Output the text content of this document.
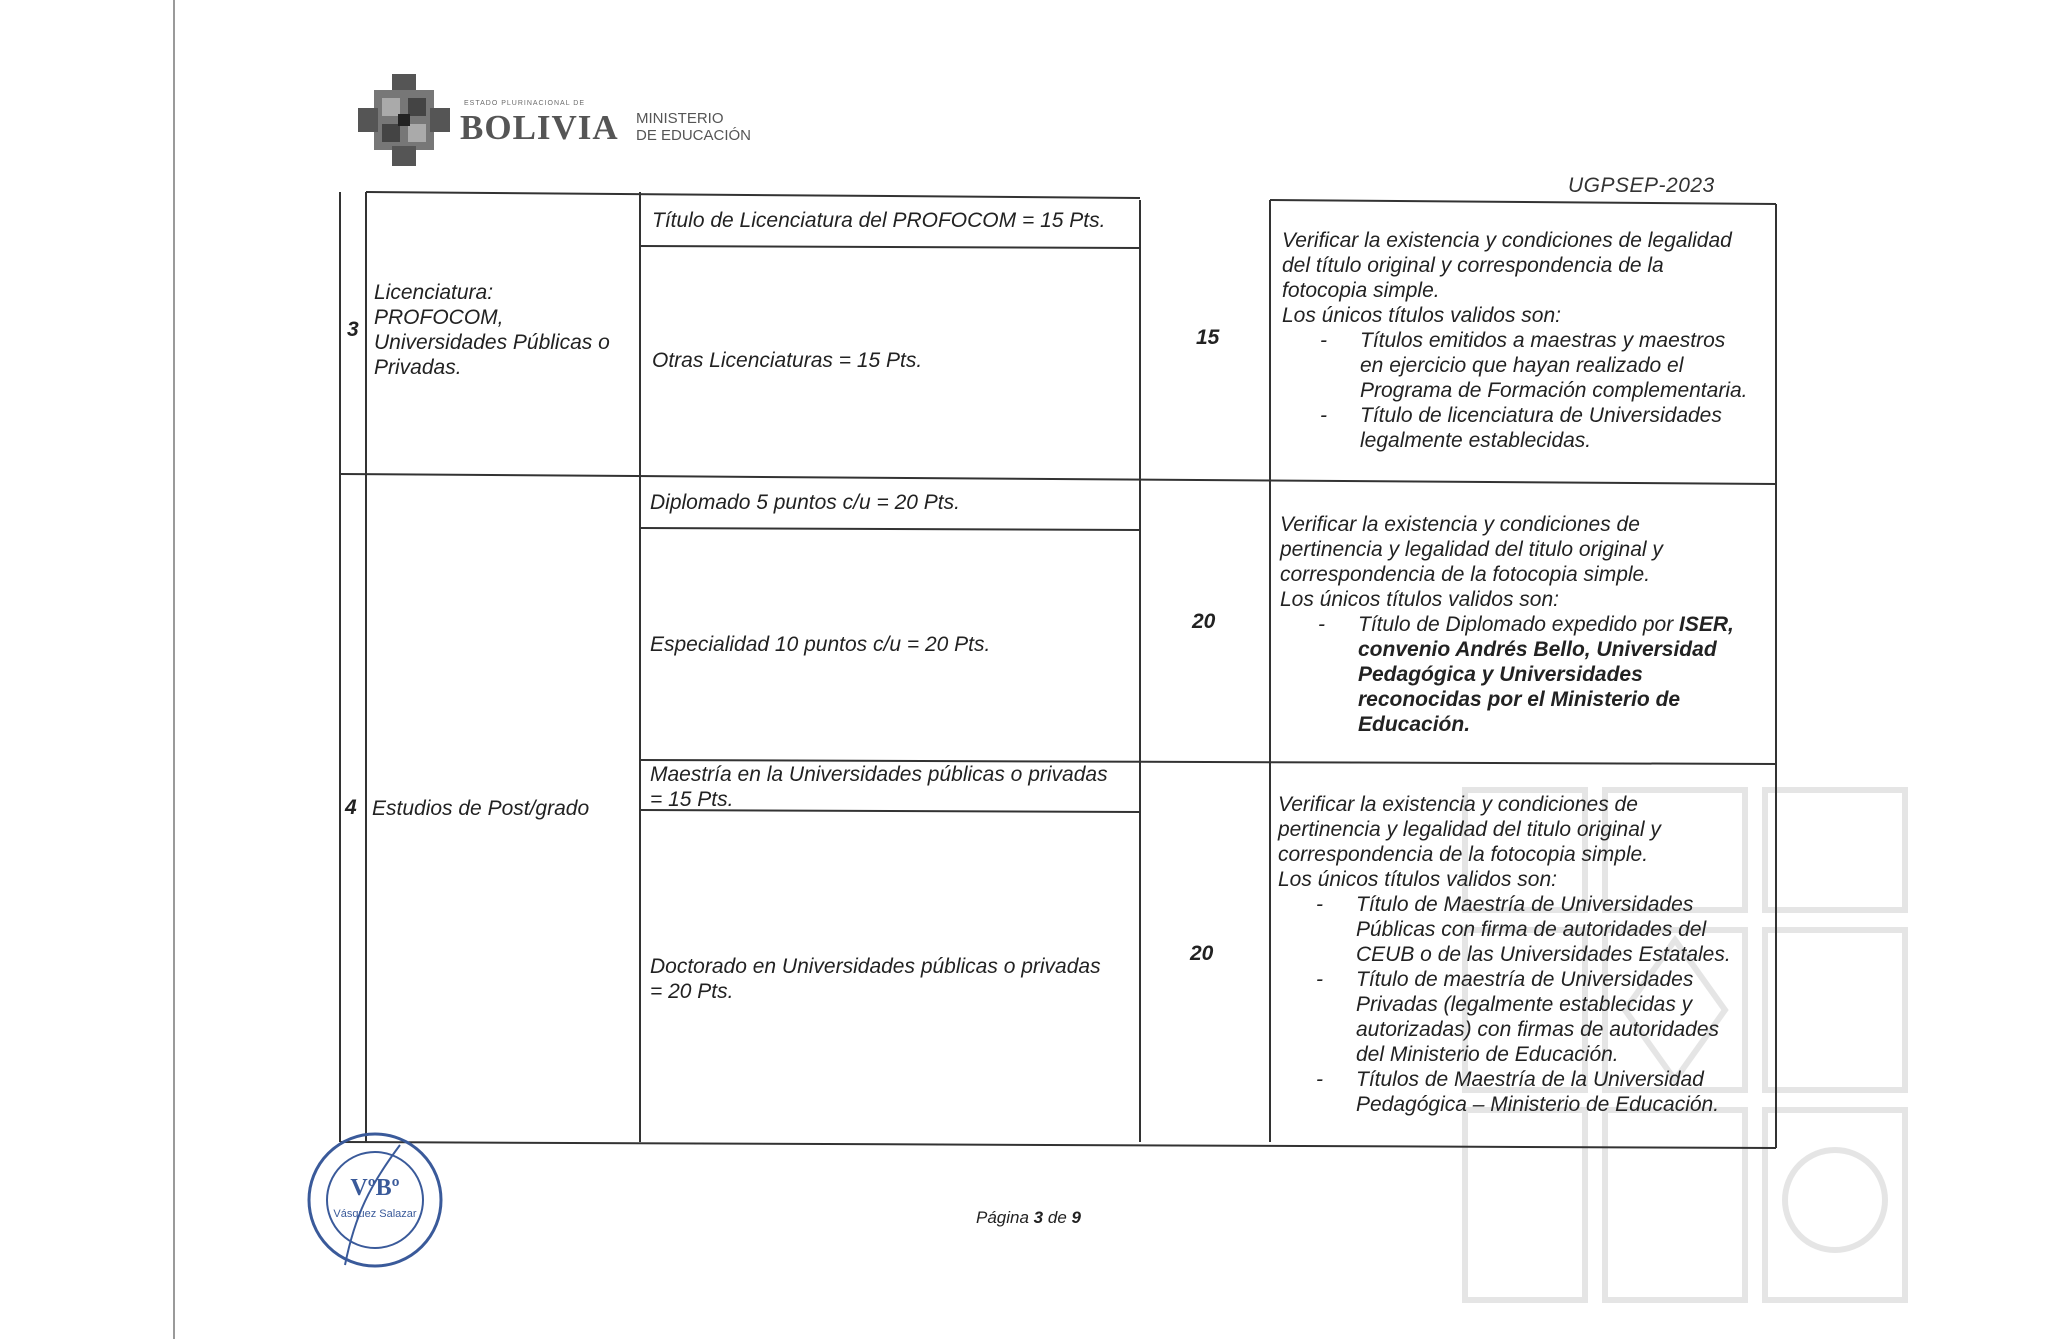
ESTADO PLURINACIONAL DE
BOLIVIA MINISTERIO
DE EDUCACIÓN
UGPSEP-2023
3
Licenciatura:
PROFOCOM,
Universidades Públicas o
Privadas.
Título de Licenciatura del PROFOCOM = 15 Pts.
Otras Licenciaturas = 15 Pts.
15
Verificar la existencia y condiciones de legalidad
del título original y correspondencia de la
fotocopia simple.
Los únicos títulos validos son:
- Títulos emitidos a maestras y maestros
en ejercicio que hayan realizado el
Programa de Formación complementaria.
- Título de licenciatura de Universidades
legalmente establecidas.
4 Estudios de Post/grado
Diplomado 5 puntos c/u = 20 Pts.
Especialidad 10 puntos c/u = 20 Pts.
20
Verificar la existencia y condiciones de
pertinencia y legalidad del titulo original y
correspondencia de la fotocopia simple.
Los únicos títulos validos son:
- Título de Diplomado expedido por ISER,
convenio Andrés Bello, Universidad
Pedagógica y Universidades
reconocidas por el Ministerio de
Educación.
Maestría en la Universidades públicas o privadas
= 15 Pts.
Doctorado en Universidades públicas o privadas
= 20 Pts.
20
Verificar la existencia y condiciones de
pertinencia y legalidad del titulo original y
correspondencia de la fotocopia simple.
Los únicos títulos validos son:
- Título de Maestría de Universidades
Públicas con firma de autoridades del
CEUB o de las Universidades Estatales.
- Título de maestría de Universidades
Privadas (legalmente establecidas y
autorizadas) con firmas de autoridades
del Ministerio de Educación.
- Títulos de Maestría de la Universidad
Pedagógica – Ministerio de Educación.
VºBº
Vásquez Salazar	Página 3 de 9
